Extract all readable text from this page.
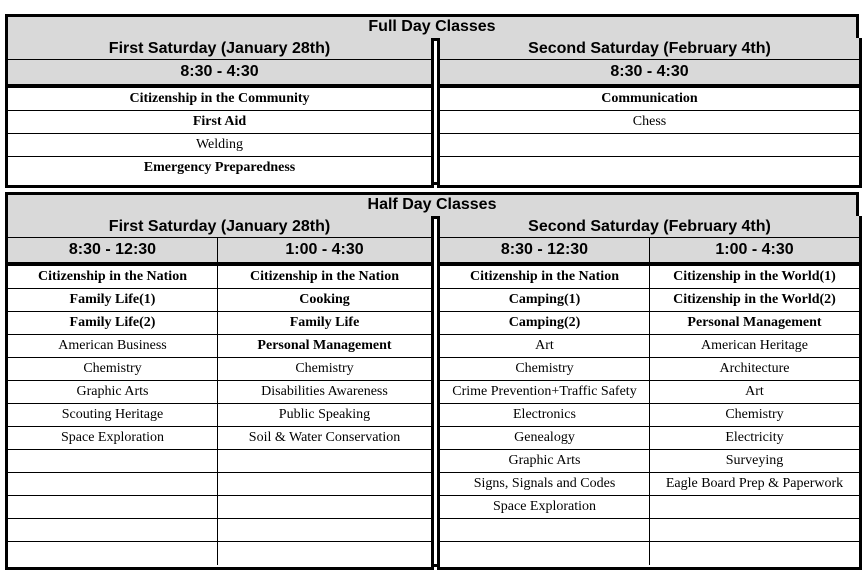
Full Day Classes
First Saturday (January 28th)
8:30 - 4:30
Citizenship in the Community
First Aid
Welding
Emergency Preparedness
Second Saturday (February 4th)
8:30 - 4:30
Communication
Chess
Half Day Classes
First Saturday (January 28th)
8:30 - 12:30	1:00 - 4:30
Citizenship in the Nation	Citizenship in the Nation
Family Life(1)	Cooking
Family Life(2)	Family Life
American Business	Personal Management
Chemistry	Chemistry
Graphic Arts	Disabilities Awareness
Scouting Heritage	Public Speaking
Space Exploration	Soil & Water Conservation
Second Saturday (February 4th)
8:30 - 12:30	1:00 - 4:30
Citizenship in the Nation	Citizenship in the World(1)
Camping(1)	Citizenship in the World(2)
Camping(2)	Personal Management
Art	American Heritage
Chemistry	Architecture
Crime Prevention+Traffic Safety	Art
Electronics	Chemistry
Genealogy	Electricity
Graphic Arts	Surveying
Signs, Signals and Codes	Eagle Board Prep & Paperwork
Space Exploration
